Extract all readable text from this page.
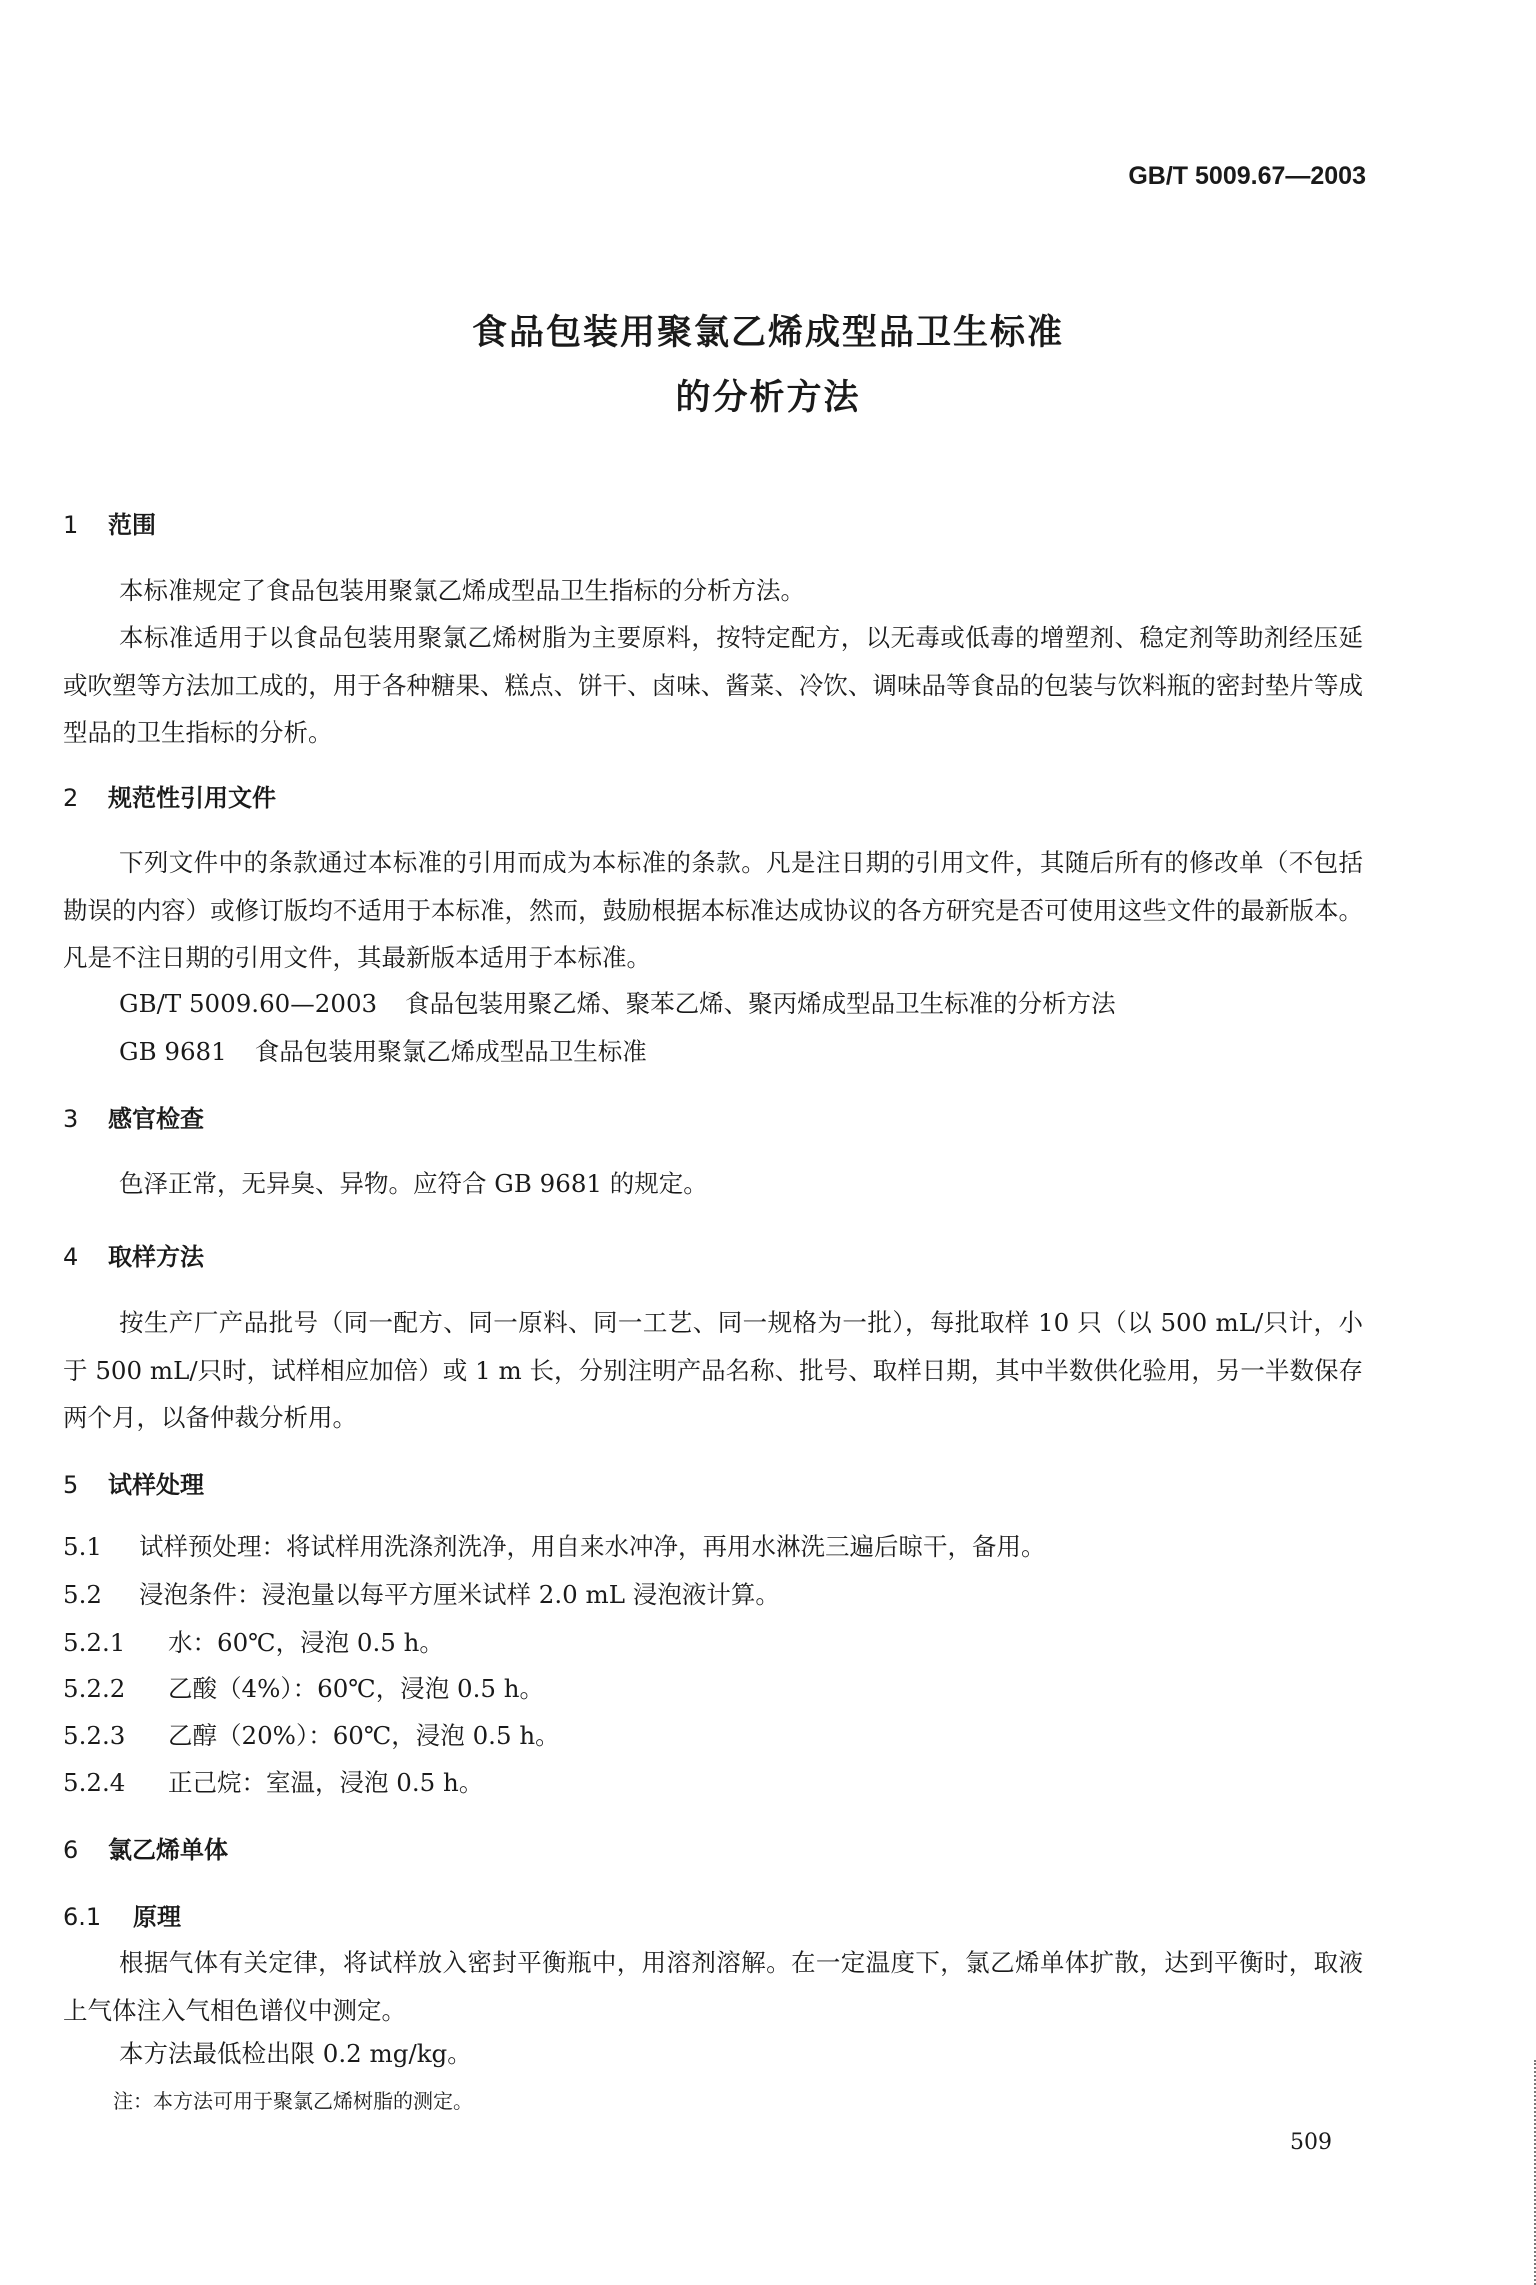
GB/T 5009.67—2003
食品包装用聚氯乙烯成型品卫生标准
的分析方法
1 范围
本标准规定了食品包装用聚氯乙烯成型品卫生指标的分析方法。
本标准适用于以食品包装用聚氯乙烯树脂为主要原料，按特定配方，以无毒或低毒的增塑剂、稳定剂等助剂经压延或吹塑等方法加工成的，用于各种糖果、糕点、饼干、卤味、酱菜、冷饮、调味品等食品的包装与饮料瓶的密封垫片等成型品的卫生指标的分析。
2 规范性引用文件
下列文件中的条款通过本标准的引用而成为本标准的条款。凡是注日期的引用文件，其随后所有的修改单（不包括勘误的内容）或修订版均不适用于本标准，然而，鼓励根据本标准达成协议的各方研究是否可使用这些文件的最新版本。凡是不注日期的引用文件，其最新版本适用于本标准。
GB/T 5009.60—2003 食品包装用聚乙烯、聚苯乙烯、聚丙烯成型品卫生标准的分析方法
GB 9681 食品包装用聚氯乙烯成型品卫生标准
3 感官检查
色泽正常，无异臭、异物。应符合 GB 9681 的规定。
4 取样方法
按生产厂产品批号（同一配方、同一原料、同一工艺、同一规格为一批），每批取样 10 只（以 500 mL/只计，小于 500 mL/只时，试样相应加倍）或 1 m 长，分别注明产品名称、批号、取样日期，其中半数供化验用，另一半数保存两个月，以备仲裁分析用。
5 试样处理
5.1 试样预处理：将试样用洗涤剂洗净，用自来水冲净，再用水淋洗三遍后晾干，备用。
5.2 浸泡条件：浸泡量以每平方厘米试样 2.0 mL 浸泡液计算。
5.2.1 水：60℃，浸泡 0.5 h。
5.2.2 乙酸（4%）：60℃，浸泡 0.5 h。
5.2.3 乙醇（20%）：60℃，浸泡 0.5 h。
5.2.4 正己烷：室温，浸泡 0.5 h。
6 氯乙烯单体
6.1 原理
根据气体有关定律，将试样放入密封平衡瓶中，用溶剂溶解。在一定温度下，氯乙烯单体扩散，达到平衡时，取液上气体注入气相色谱仪中测定。
本方法最低检出限 0.2 mg/kg。
注：本方法可用于聚氯乙烯树脂的测定。
509
